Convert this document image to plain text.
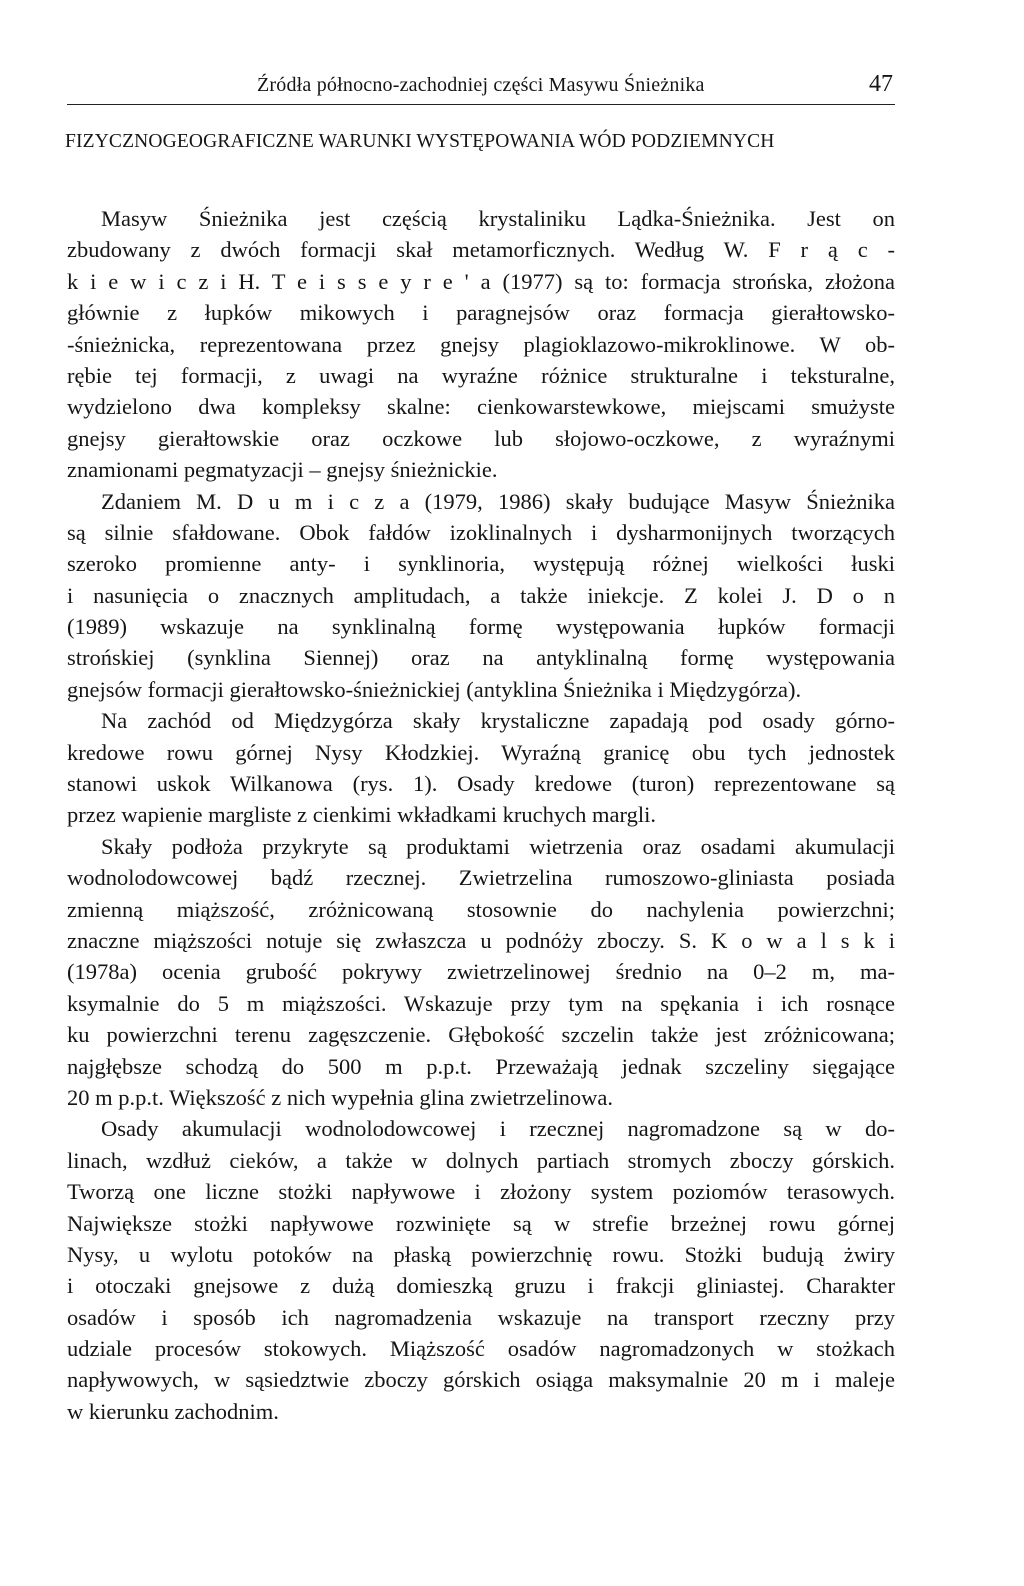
Źródła północno-zachodniej części Masywu Śnieżnika	47
FIZYCZNOGEOGRAFICZNE WARUNKI WYSTĘPOWANIA WÓD PODZIEMNYCH
Masyw Śnieżnika jest częścią krystaliniku Lądka-Śnieżnika. Jest on
zbudowany z dwóch formacji skał metamorficznych. Według W. F r ą c -
k i e w i c z i H. T e i s s e y r e ' a (1977) są to: formacja strońska, złożona
głównie z łupków mikowych i paragnejsów oraz formacja gierałtowsko-
-śnieżnicka, reprezentowana przez gnejsy plagioklazowo-mikroklinowe. W ob-
rębie tej formacji, z uwagi na wyraźne różnice strukturalne i teksturalne,
wydzielono dwa kompleksy skalne: cienkowarstewkowe, miejscami smużyste
gnejsy gierałtowskie oraz oczkowe lub słojowo-oczkowe, z wyraźnymi
znamionami pegmatyzacji – gnejsy śnieżnickie.
Zdaniem M. D u m i c z a (1979, 1986) skały budujące Masyw Śnieżnika
są silnie sfałdowane. Obok fałdów izoklinalnych i dysharmonijnych tworzących
szeroko promienne anty- i synklinoria, występują różnej wielkości łuski
i nasunięcia o znacznych amplitudach, a także iniekcje. Z kolei J. D o n
(1989) wskazuje na synklinalną formę występowania łupków formacji
strońskiej (synklina Siennej) oraz na antyklinalną formę występowania
gnejsów formacji gierałtowsko-śnieżnickiej (antyklina Śnieżnika i Międzygórza).
Na zachód od Międzygórza skały krystaliczne zapadają pod osady górno-
kredowe rowu górnej Nysy Kłodzkiej. Wyraźną granicę obu tych jednostek
stanowi uskok Wilkanowa (rys. 1). Osady kredowe (turon) reprezentowane są
przez wapienie margliste z cienkimi wkładkami kruchych margli.
Skały podłoża przykryte są produktami wietrzenia oraz osadami akumulacji
wodnolodowcowej bądź rzecznej. Zwietrzelina rumoszowo-gliniasta posiada
zmienną miąższość, zróżnicowaną stosownie do nachylenia powierzchni;
znaczne miąższości notuje się zwłaszcza u podnóży zboczy. S. K o w a l s k i
(1978a) ocenia grubość pokrywy zwietrzelinowej średnio na 0–2 m, ma-
ksymalnie do 5 m miąższości. Wskazuje przy tym na spękania i ich rosnące
ku powierzchni terenu zagęszczenie. Głębokość szczelin także jest zróżnicowana;
najgłębsze schodzą do 500 m p.p.t. Przeważają jednak szczeliny sięgające
20 m p.p.t. Większość z nich wypełnia glina zwietrzelinowa.
Osady akumulacji wodnolodowcowej i rzecznej nagromadzone są w do-
linach, wzdłuż cieków, a także w dolnych partiach stromych zboczy górskich.
Tworzą one liczne stożki napływowe i złożony system poziomów terasowych.
Największe stożki napływowe rozwinięte są w strefie brzeżnej rowu górnej
Nysy, u wylotu potoków na płaską powierzchnię rowu. Stożki budują żwiry
i otoczaki gnejsowe z dużą domieszką gruzu i frakcji gliniastej. Charakter
osadów i sposób ich nagromadzenia wskazuje na transport rzeczny przy
udziale procesów stokowych. Miąższość osadów nagromadzonych w stożkach
napływowych, w sąsiedztwie zboczy górskich osiąga maksymalnie 20 m i maleje
w kierunku zachodnim.
